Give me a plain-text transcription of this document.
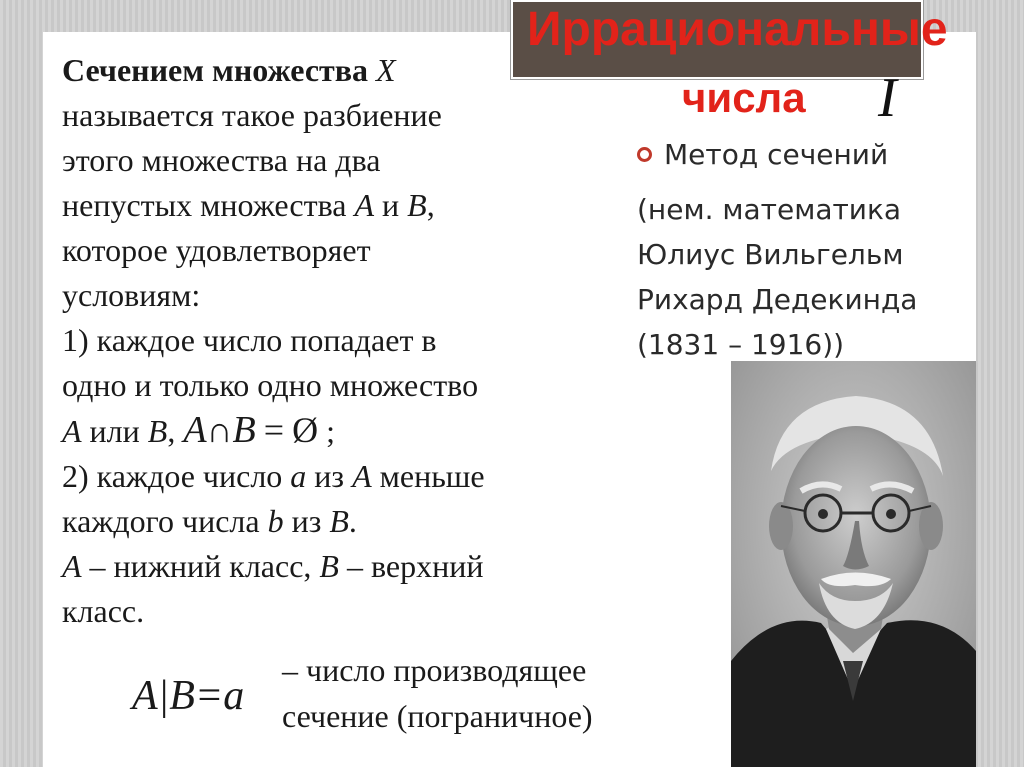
Иррациональные
числа I

Сечением множества X

называется такое разбиение

этого множества на два

непустых множества A и B,

которое удовлетворяет

условиям:

1) каждое число попадает в

одно и только одно множество

A или B, A∩B = Ø ;

2) каждое число a из A меньше

каждого числа b из B.

A – нижний класс, B – верхний

класс.

A|B=a
– число производящее
сечение (пограничное)
Метод сечений
(нем. математика
Юлиус Вильгельм
Рихард Дедекинда
(1831 – 1916))
